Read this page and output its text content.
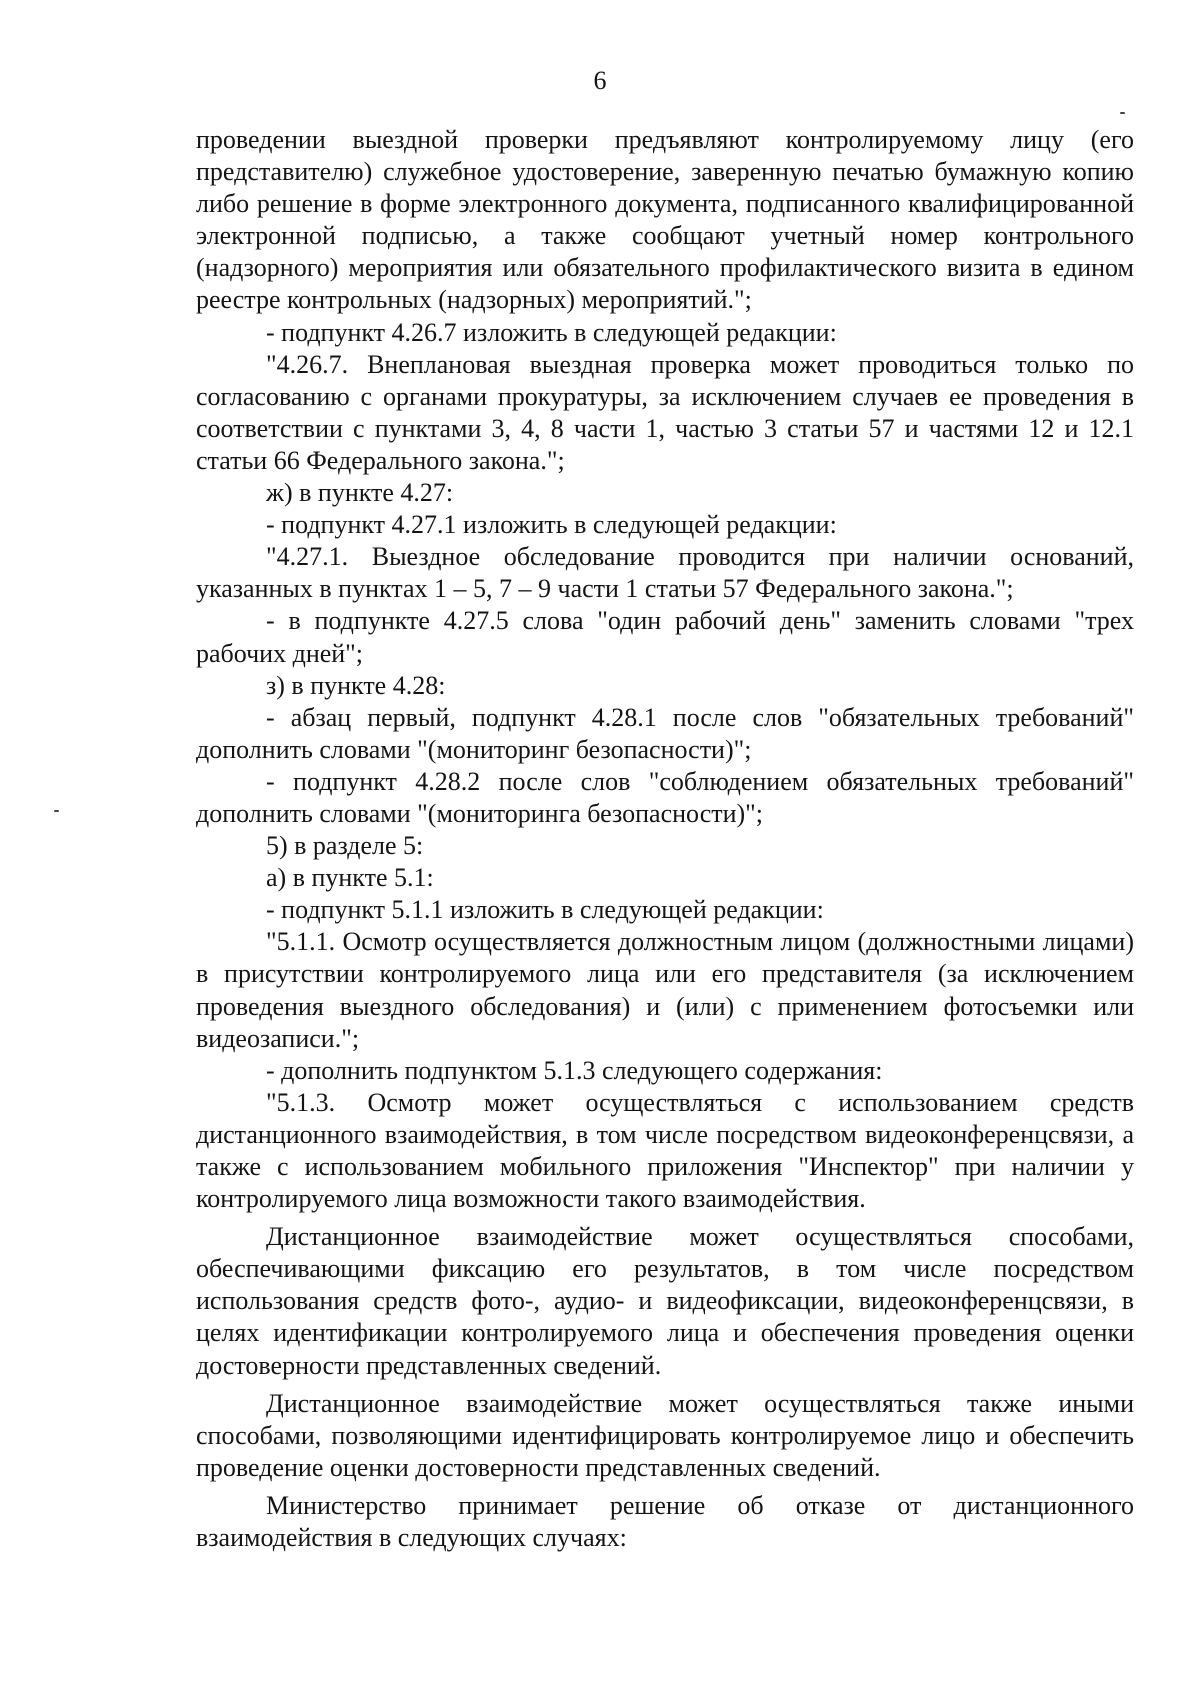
6

проведении выездной проверки предъявляют контролируемому лицу (его представителю) служебное удостоверение, заверенную печатью бумажную копию либо решение в форме электронного документа, подписанного квалифицированной электронной подписью, а также сообщают учетный номер контрольного (надзорного) мероприятия или обязательного профилактического визита в едином реестре контрольных (надзорных) мероприятий.";

- подпункт 4.26.7 изложить в следующей редакции:

"4.26.7. Внеплановая выездная проверка может проводиться только по согласованию с органами прокуратуры, за исключением случаев ее проведения в соответствии с пунктами 3, 4, 8 части 1, частью 3 статьи 57 и частями 12 и 12.1 статьи 66 Федерального закона.";

ж) в пункте 4.27:

- подпункт 4.27.1 изложить в следующей редакции:

"4.27.1. Выездное обследование проводится при наличии оснований, указанных в пунктах 1 – 5, 7 – 9 части 1 статьи 57 Федерального закона.";

- в подпункте 4.27.5 слова "один рабочий день" заменить словами "трех рабочих дней";

з) в пункте 4.28:

- абзац первый, подпункт 4.28.1 после слов "обязательных требований" дополнить словами "(мониторинг безопасности)";

- подпункт 4.28.2 после слов "соблюдением обязательных требований" дополнить словами "(мониторинга безопасности)";

5) в разделе 5:

а) в пункте 5.1:

- подпункт 5.1.1 изложить в следующей редакции:

"5.1.1. Осмотр осуществляется должностным лицом (должностными лицами) в присутствии контролируемого лица или его представителя (за исключением проведения выездного обследования) и (или) с применением фотосъемки или видеозаписи.";

- дополнить подпунктом 5.1.3 следующего содержания:

"5.1.3. Осмотр может осуществляться с использованием средств дистанционного взаимодействия, в том числе посредством видеоконференцсвязи, а также с использованием мобильного приложения "Инспектор" при наличии у контролируемого лица возможности такого взаимодействия.

Дистанционное взаимодействие может осуществляться способами, обеспечивающими фиксацию его результатов, в том числе посредством использования средств фото-, аудио- и видеофиксации, видеоконференцсвязи, в целях идентификации контролируемого лица и обеспечения проведения оценки достоверности представленных сведений.

Дистанционное взаимодействие может осуществляться также иными способами, позволяющими идентифицировать контролируемое лицо и обеспечить проведение оценки достоверности представленных сведений.

Министерство принимает решение об отказе от дистанционного взаимодействия в следующих случаях:
